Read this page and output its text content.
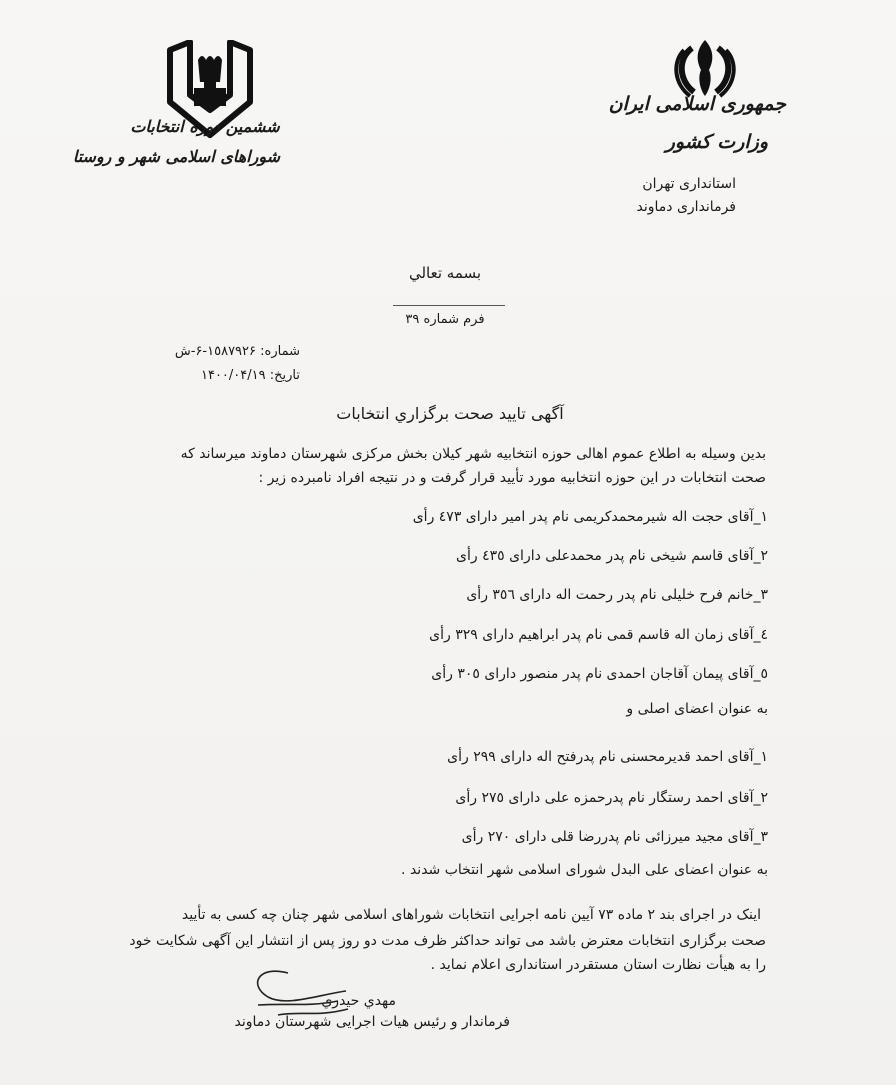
ششمین دوره انتخابات
شوراهای اسلامی شهر و روستا
جمهوری اسلامی ایران
وزارت کشور
استانداری تهران
فرمانداری دماوند
بسمه تعالي
فرم شماره ٣٩
شماره: ١٥٨٧٩٢۶-۶-ش
تاریخ: ١۴٠٠/٠۴/١٩
آگهی تایید صحت برگزاري انتخابات
بدين وسيله به اطلاع عموم اهالی حوزه انتخابیه شهر کیلان بخش مرکزی شهرستان دماوند میرساند که
صحت انتخابات در این حوزه انتخابیه مورد تأیید قرار گرفت و در نتیجه افراد نامبرده زیر :
١_آقای حجت اله شیرمحمدکریمی نام پدر امیر دارای ٤٧٣ رأی
٢_آقای قاسم شیخی نام پدر محمدعلی دارای ٤٣٥ رأی
٣_خانم فرح خلیلی نام پدر رحمت اله دارای ٣٥٦ رأی
٤_آقای زمان اله قاسم قمی نام پدر ابراهیم دارای ٣٢٩ رأی
٥_آقای پیمان آقاجان احمدی نام پدر منصور دارای ٣٠٥ رأی
به عنوان اعضای اصلی و
١_آقای احمد قدیرمحسنی نام پدرفتح اله دارای ٢٩٩ رأی
٢_آقای احمد رستگار نام پدرحمزه علی دارای ٢٧٥ رأی
٣_آقای مجید میرزائی نام پدررضا قلی دارای ٢٧٠ رأی
به عنوان اعضای علی البدل شورای اسلامی شهر انتخاب شدند .
اینک در اجرای بند ٢ ماده ٧٣ آیین نامه اجرایی انتخابات شوراهای اسلامی شهر چنان چه کسی به تأیید
صحت برگزاری انتخابات معترض باشد می تواند حداکثر ظرف مدت دو روز پس از انتشار این آگهی شکایت خود
را به هیأت نظارت استان مستقردر استانداری اعلام نماید .
مهدي حيدري
فرماندار و رئیس هیات اجرایی شهرستان دماوند
